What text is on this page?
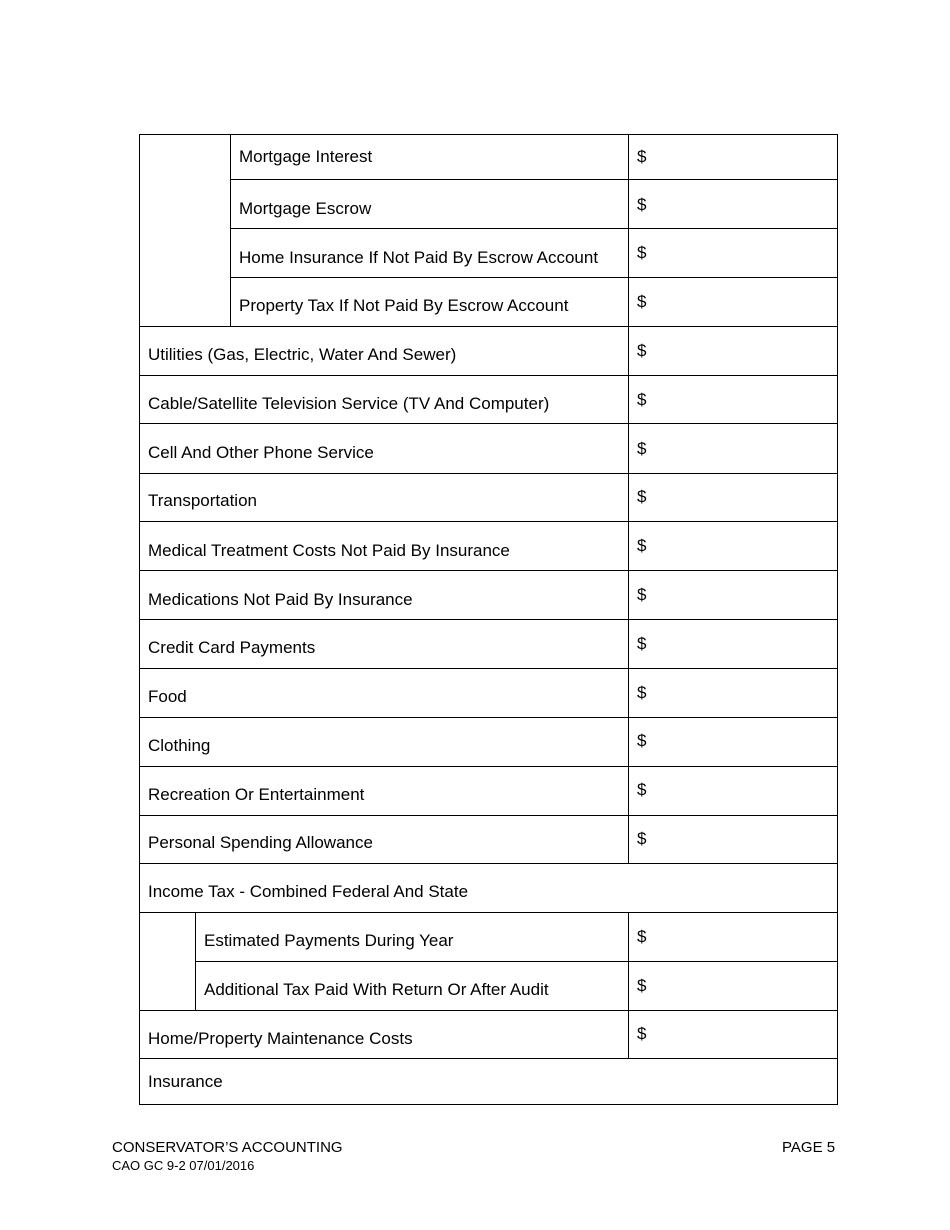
Mortgage Interest
Mortgage Escrow
Home Insurance If Not Paid By Escrow Account
Property Tax If Not Paid By Escrow Account
Utilities (Gas, Electric, Water And Sewer)
Cable/Satellite Television Service (TV And Computer)
Cell And Other Phone Service
Transportation
Medical Treatment Costs Not Paid By Insurance
Medications Not Paid By Insurance
Credit Card Payments
Food
Clothing
Recreation Or Entertainment
Personal Spending Allowance
Income Tax - Combined Federal And State
Estimated Payments During Year
Additional Tax Paid With Return Or After Audit
Home/Property Maintenance Costs
Insurance
$
$
$
$
$
$
$
$
$
$
$
$
$
$
$
$
$
$
CONSERVATOR’S ACCOUNTING
CAO GC 9-2 07/01/2016
PAGE 5
